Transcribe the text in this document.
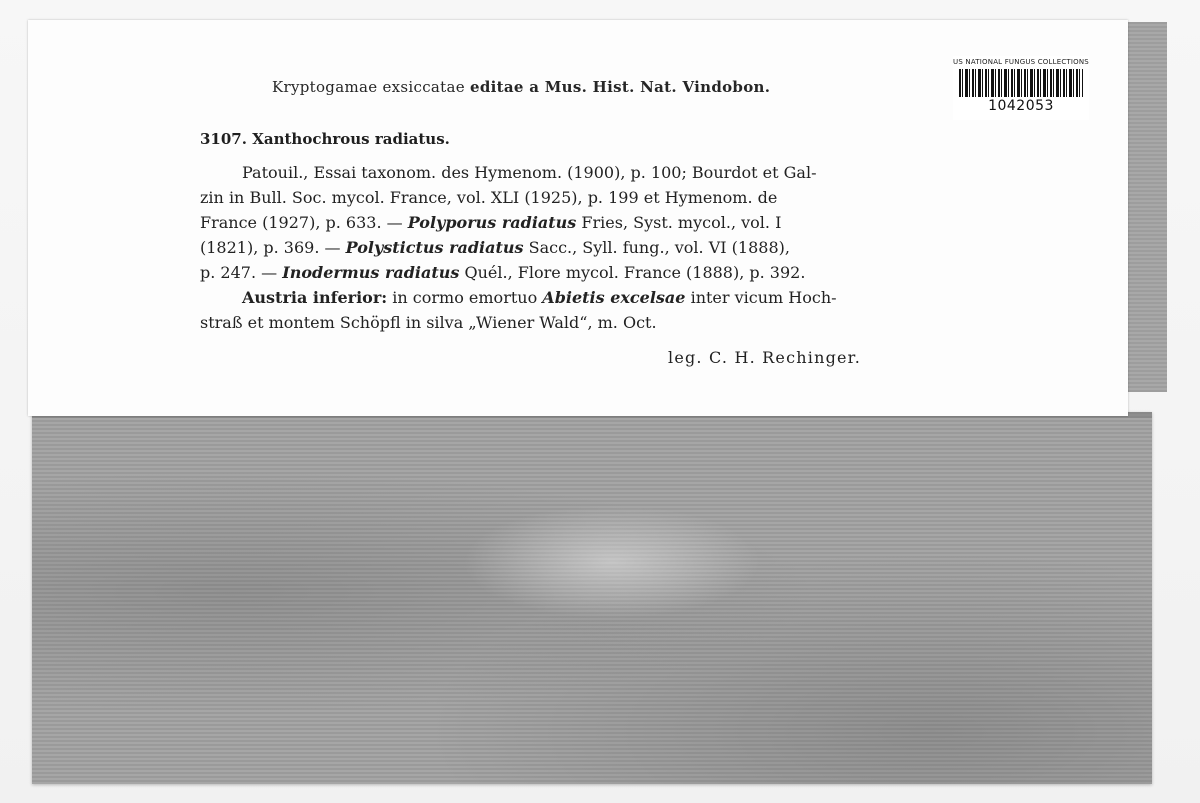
Kryptogamae exsiccatae editae a Mus. Hist. Nat. Vindobon.
US NATIONAL FUNGUS COLLECTIONS
1042053
3107. Xanthochrous radiatus.
Patouil., Essai taxonom. des Hymenom. (1900), p. 100; Bourdot et Gal-
zin in Bull. Soc. mycol. France, vol. XLI (1925), p. 199 et Hymenom. de
France (1927), p. 633. — Polyporus radiatus Fries, Syst. mycol., vol. I
(1821), p. 369. — Polystictus radiatus Sacc., Syll. fung., vol. VI (1888),
p. 247. — Inodermus radiatus Quél., Flore mycol. France (1888), p. 392.
Austria inferior: in cormo emortuo Abietis excelsae inter vicum Hoch-
straß et montem Schöpfl in silva „Wiener Wald“, m. Oct.
leg. C. H. Rechinger.
